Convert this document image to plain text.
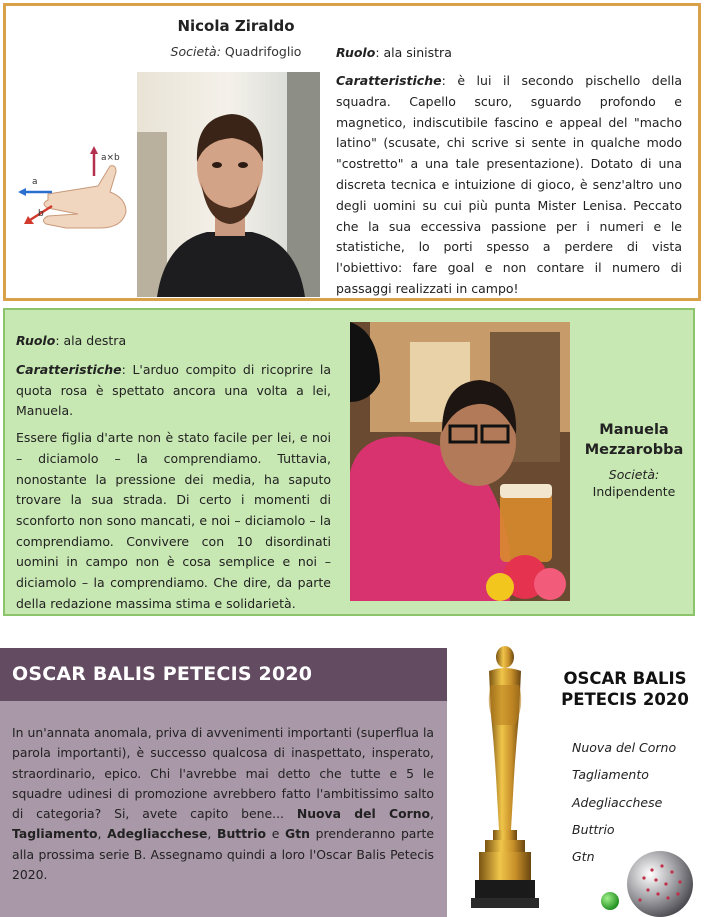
Nicola Ziraldo
Società: Quadrifoglio	Ruolo: ala sinistra
Caratteristiche: è lui il secondo pischello della squadra. Capello scuro, sguardo profondo e magnetico, indiscutibile fascino e appeal del "macho latino" (scusate, chi scrive si sente in qualche modo "costretto" a una tale presentazione). Dotato di una discreta tecnica e intuizione di gioco, è senz'altro uno degli uomini su cui più punta Mister Lenisa. Peccato che la sua eccessiva passione per i numeri e le statistiche, lo porti spesso a perdere di vista l'obiettivo: fare goal e non contare il numero di passaggi realizzati in campo!
a×b
a
b
Ruolo: ala destra

Caratteristiche: L'arduo compito di ricoprire la quota rosa è spettato ancora una volta a lei, Manuela.

Essere figlia d'arte non è stato facile per lei, e noi – diciamolo – la comprendiamo. Tuttavia, nonostante la pressione dei media, ha saputo trovare la sua strada. Di certo i momenti di sconforto non sono mancati, e noi – diciamolo – la comprendiamo. Convivere con 10 disordinati uomini in campo non è cosa semplice e noi – diciamolo – la comprendiamo. Che dire, da parte della redazione massima stima e solidarietà.

Manuela
Mezzarobba
Società:
Indipendente
OSCAR BALIS PETECIS 2020
In un'annata anomala, priva di avvenimenti importanti (superflua la parola importanti), è successo qualcosa di inaspettato, insperato, straordinario, epico. Chi l'avrebbe mai detto che tutte e 5 le squadre udinesi di promozione avrebbero fatto l'ambitissimo salto di categoria? Si, avete capito bene... Nuova del Corno, Tagliamento, Adegliacchese, Buttrio e Gtn prenderanno parte alla prossima serie B. Assegnamo quindi a loro l'Oscar Balis Petecis 2020.
OSCAR BALIS
PETECIS 2020
Nuova del Corno
Tagliamento
Adegliacchese
Buttrio
Gtn
